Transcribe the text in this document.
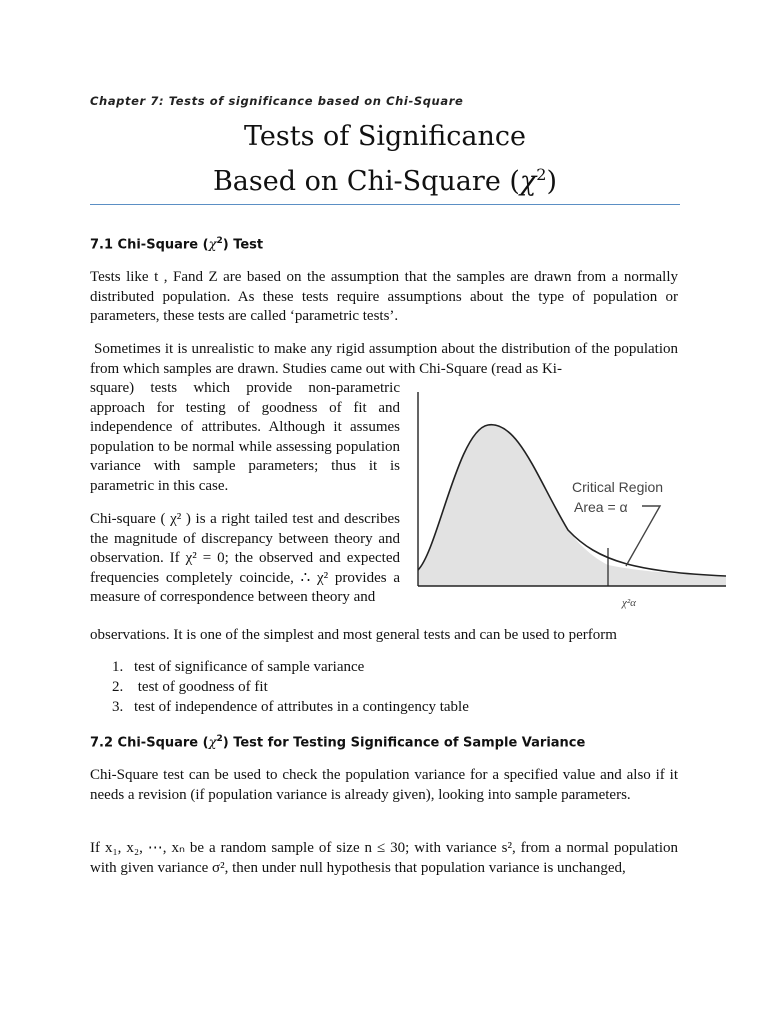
Chapter 7: Tests of significance based on Chi-Square
Tests of Significance
Based on Chi-Square $(\chi^2)$
7.1 Chi-Square $(\chi^2)$ Test
Tests like t , Fand Z are based on the assumption that the samples are drawn from a normally distributed population. As these tests require assumptions about the type of population or parameters, these tests are called ‘parametric tests’.
Sometimes it is unrealistic to make any rigid assumption about the distribution of the population from which samples are drawn. Studies came out with Chi-Square (read as Ki-
square) tests which provide non-parametric approach for testing of goodness of fit and independence of attributes. Although it assumes population to be normal while assessing population variance with sample parameters; thus it is parametric in this case.
Chi-square ( χ² ) is a right tailed test and describes the magnitude of discrepancy between theory and observation. If χ² = 0; the observed and expected frequencies completely coincide, ∴ χ² provides a measure of correspondence between theory and
observations. It is one of the simplest and most general tests and can be used to perform
Critical Region
Area = α
χ²α
1. test of significance of sample variance
2. test of goodness of fit
3. test of independence of attributes in a contingency table
7.2 Chi-Square $(\chi^2)$ Test for Testing Significance of Sample Variance
Chi-Square test can be used to check the population variance for a specified value and also if it needs a revision (if population variance is already given), looking into sample parameters.
If x₁, x₂, ⋯, xₙ be a random sample of size n ≤ 30; with variance s², from a normal population with given variance σ², then under null hypothesis that population variance is unchanged,
